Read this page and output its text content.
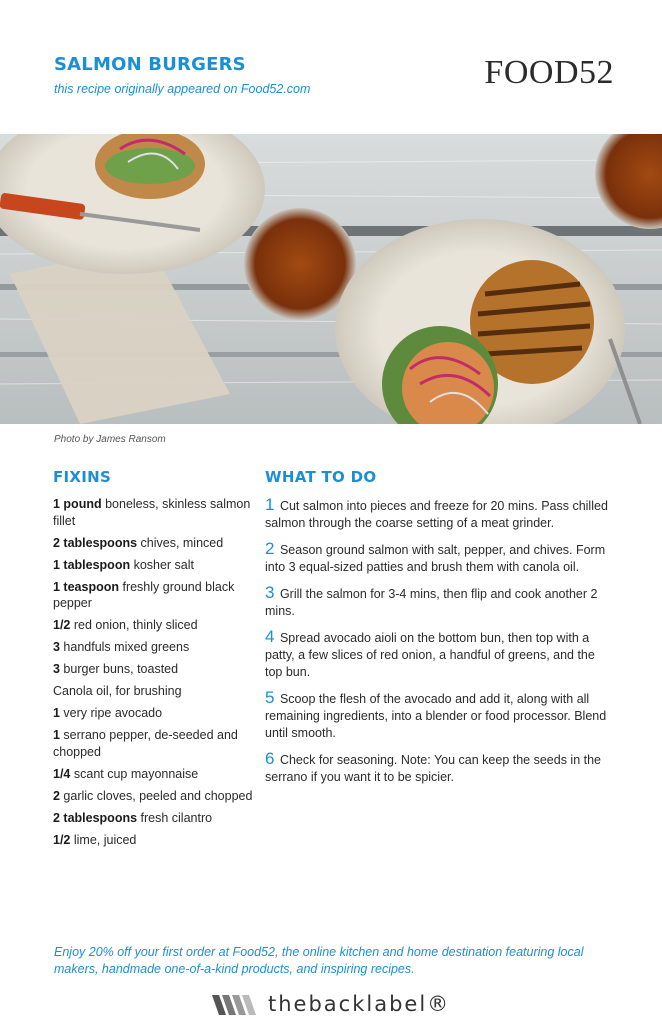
SALMON BURGERS
this recipe originally appeared on Food52.com	FOOD52
Photo by James Ransom
FIXINS
1 pound boneless, skinless salmon fillet
2 tablespoons chives, minced
1 tablespoon kosher salt
1 teaspoon freshly ground black pepper
1/2 red onion, thinly sliced
3 handfuls mixed greens
3 burger buns, toasted
Canola oil, for brushing
1 very ripe avocado
1 serrano pepper, de-seeded and chopped
1/4 scant cup mayonnaise
2 garlic cloves, peeled and chopped
2 tablespoons fresh cilantro
1/2 lime, juiced
WHAT TO DO
1 Cut salmon into pieces and freeze for 20 mins. Pass chilled salmon through the coarse setting of a meat grinder.
2 Season ground salmon with salt, pepper, and chives. Form into 3 equal-sized patties and brush them with canola oil.
3 Grill the salmon for 3-4 mins, then flip and cook another 2 mins.
4 Spread avocado aioli on the bottom bun, then top with a patty, a few slices of red onion, a handful of greens, and the top bun.
5 Scoop the flesh of the avocado and add it, along with all remaining ingredients, into a blender or food processor. Blend until smooth.
6 Check for seasoning. Note: You can keep the seeds in the serrano if you want it to be spicier.
Enjoy 20% off your first order at Food52, the online kitchen and home destination featuring local makers, handmade one-of-a-kind products, and inspiring recipes.
thebacklabel®
